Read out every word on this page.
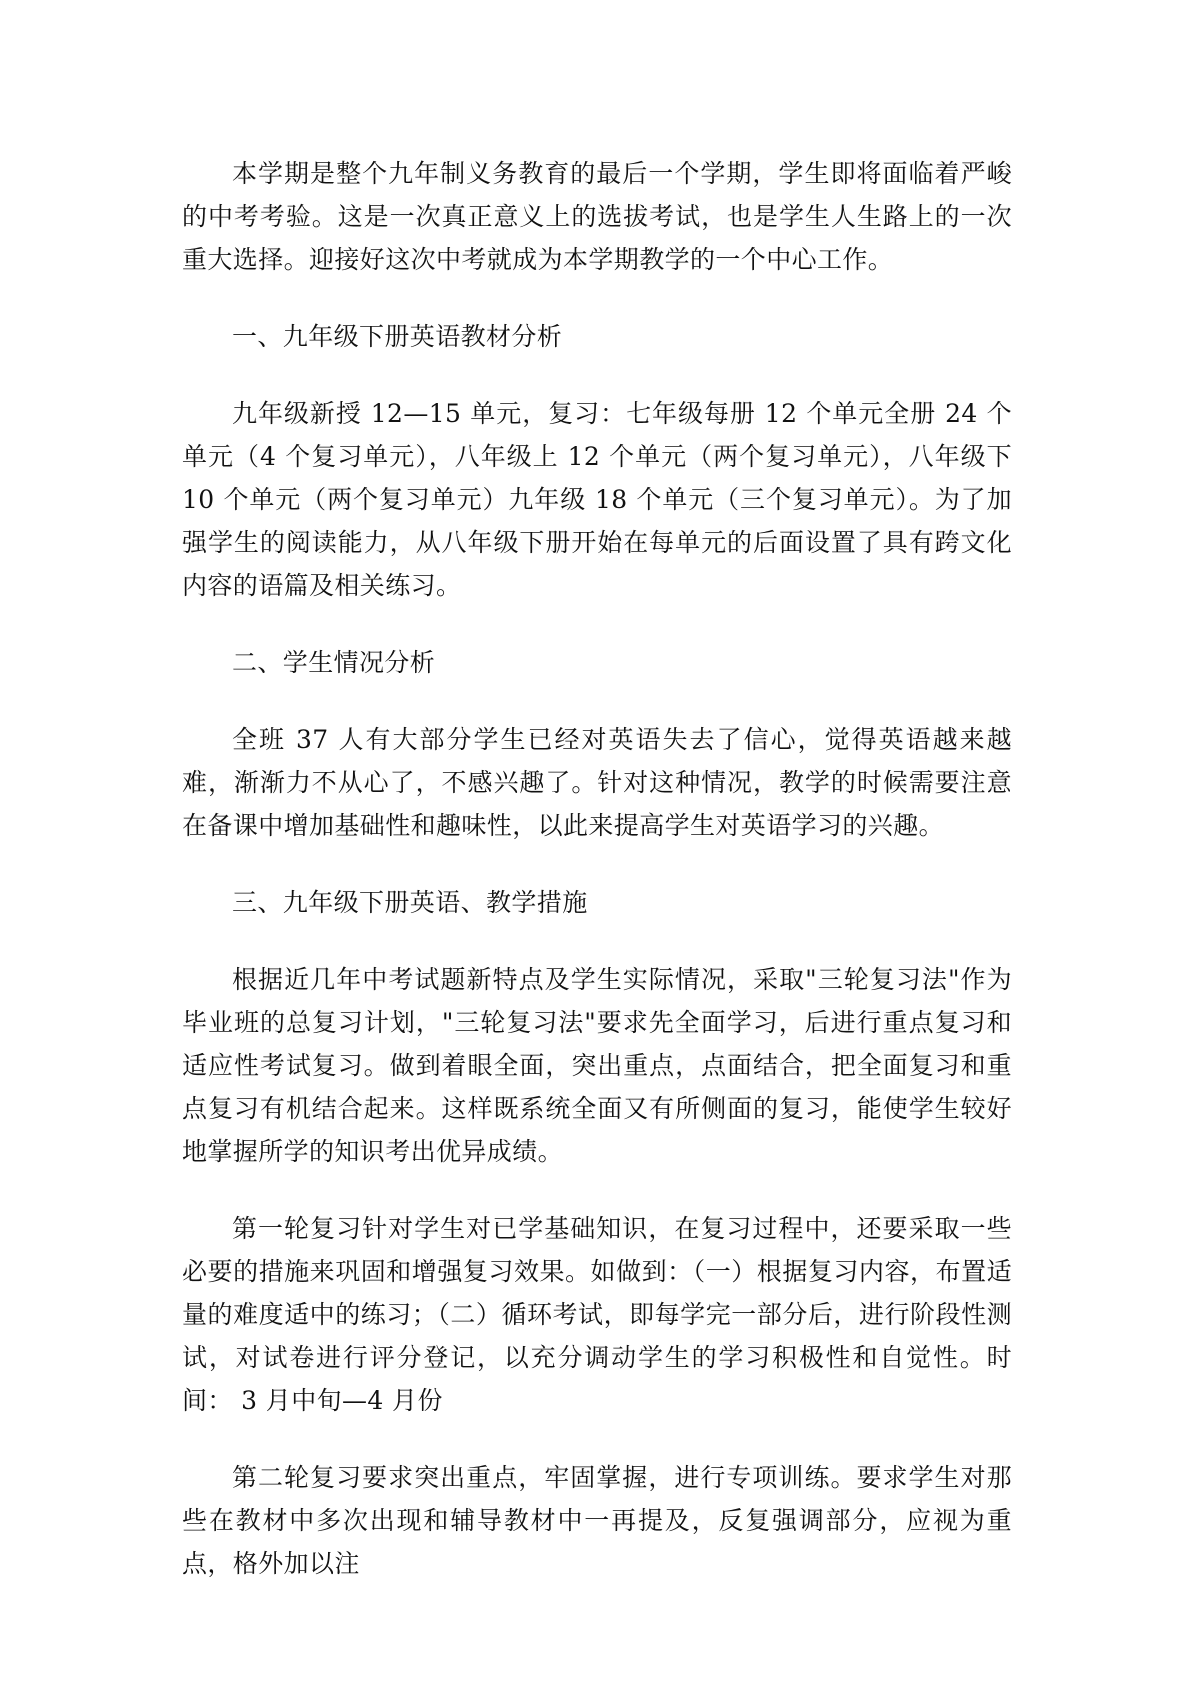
本学期是整个九年制义务教育的最后一个学期，学生即将面临着严峻的中考考验。这是一次真正意义上的选拔考试，也是学生人生路上的一次重大选择。迎接好这次中考就成为本学期教学的一个中心工作。

一、九年级下册英语教材分析

九年级新授 12—15 单元，复习：七年级每册 12 个单元全册 24 个单元（4 个复习单元），八年级上 12 个单元（两个复习单元），八年级下 10 个单元（两个复习单元）九年级 18 个单元（三个复习单元）。为了加强学生的阅读能力，从八年级下册开始在每单元的后面设置了具有跨文化内容的语篇及相关练习。

二、学生情况分析

全班 37 人有大部分学生已经对英语失去了信心，觉得英语越来越难，渐渐力不从心了，不感兴趣了。针对这种情况，教学的时候需要注意在备课中增加基础性和趣味性，以此来提高学生对英语学习的兴趣。

三、九年级下册英语、教学措施

根据近几年中考试题新特点及学生实际情况，采取"三轮复习法"作为毕业班的总复习计划，"三轮复习法"要求先全面学习，后进行重点复习和适应性考试复习。做到着眼全面，突出重点，点面结合，把全面复习和重点复习有机结合起来。这样既系统全面又有所侧面的复习，能使学生较好地掌握所学的知识考出优异成绩。

第一轮复习针对学生对已学基础知识，在复习过程中，还要采取一些必要的措施来巩固和增强复习效果。如做到：（一）根据复习内容，布置适量的难度适中的练习；（二）循环考试，即每学完一部分后，进行阶段性测试，对试卷进行评分登记，以充分调动学生的学习积极性和自觉性。时间： 3 月中旬—4 月份

第二轮复习要求突出重点，牢固掌握，进行专项训练。要求学生对那些在教材中多次出现和辅导教材中一再提及，反复强调部分，应视为重点，格外加以注
